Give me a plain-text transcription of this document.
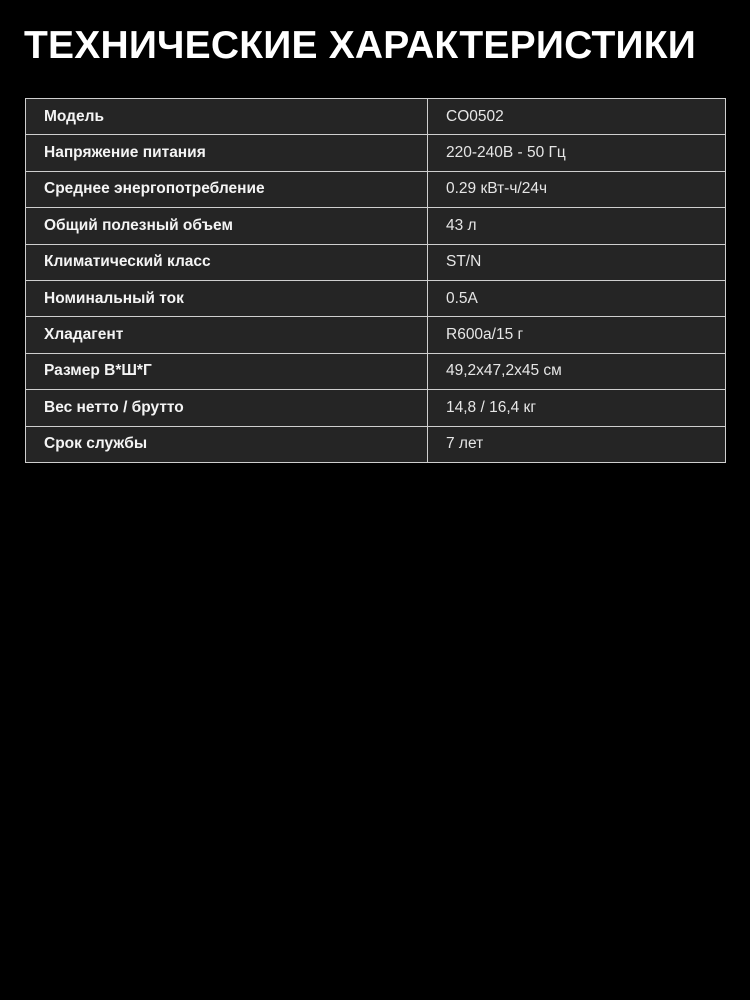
ТЕХНИЧЕСКИЕ ХАРАКТЕРИСТИКИ
Модель	CO0502
Напряжение питания	220-240В - 50 Гц
Среднее энергопотребление	0.29 кВт-ч/24ч
Общий полезный объем	43 л
Климатический класс	ST/N
Номинальный ток	0.5А
Хладагент	R600a/15 г
Размер В*Ш*Г	49,2x47,2x45 см
Вес нетто / брутто	14,8 / 16,4 кг
Срок службы	7 лет
